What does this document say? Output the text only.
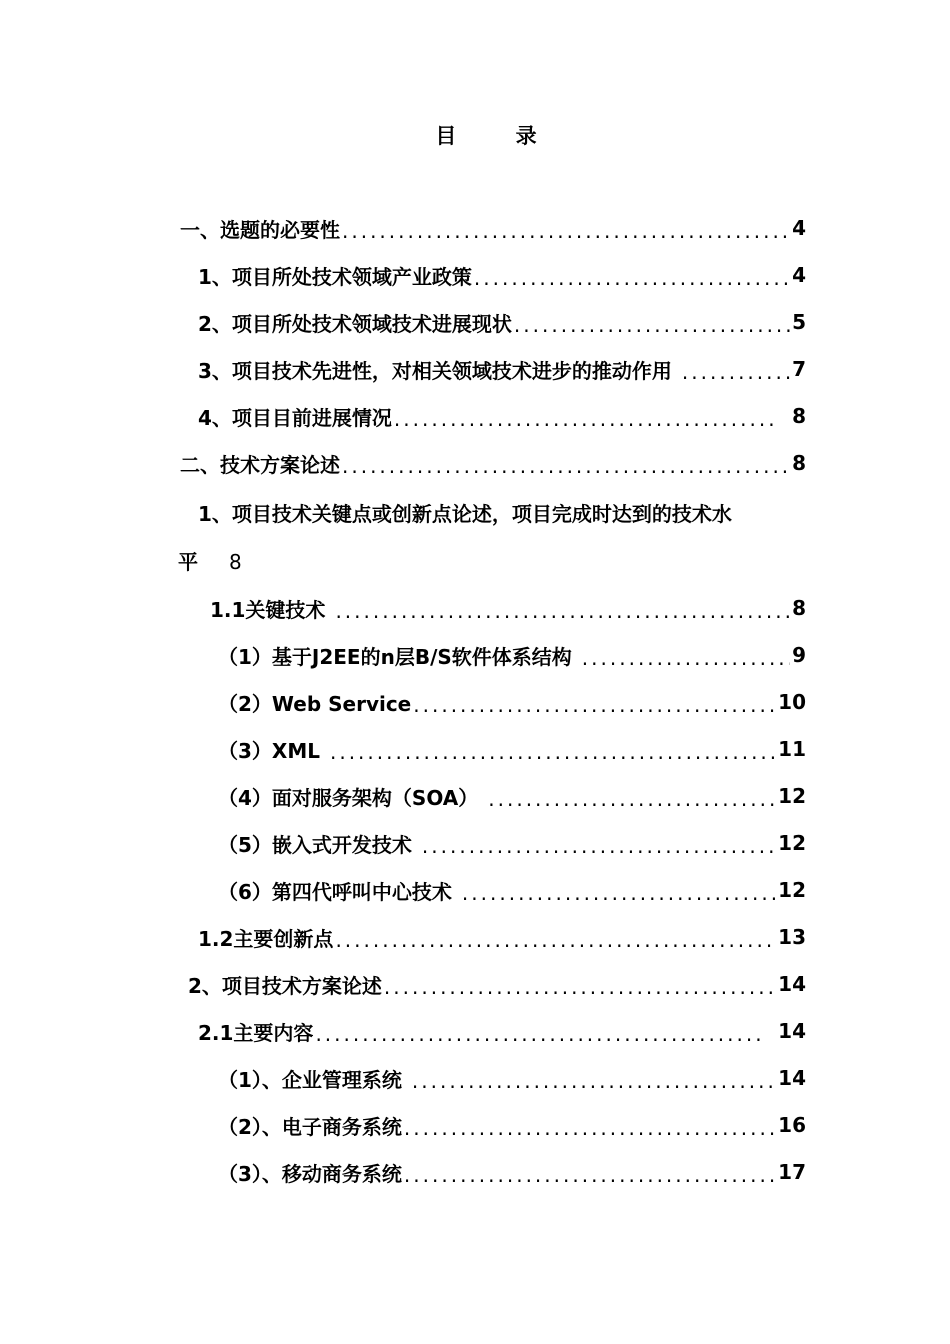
目 录
一、选题的必要性 .....	4
1、项目所处技术领域产业政策 .....	4
2、项目所处技术领域技术进展现状 .....	5
3、项目技术先进性，对相关领域技术进步的推动作用 .....	7
4、项目目前进展情况 .....	8
二、技术方案论述 .....	8
1、项目技术关键点或创新点论述，项目完成时达到的技术水
平 8
1.1关键技术 .....	8
（1）基于J2EE的n层B/S软件体系结构 .....	9
（2）Web Service .....	10
（3）XML .....	11
（4）面对服务架构（SOA） .....	12
（5）嵌入式开发技术 .....	12
（6）第四代呼叫中心技术 .....	12
1.2主要创新点 .....	13
2、项目技术方案论述 .....	14
2.1主要内容 .....	14
（1）、企业管理系统 .....	14
（2）、电子商务系统 .....	16
（3）、移动商务系统 .....	17
